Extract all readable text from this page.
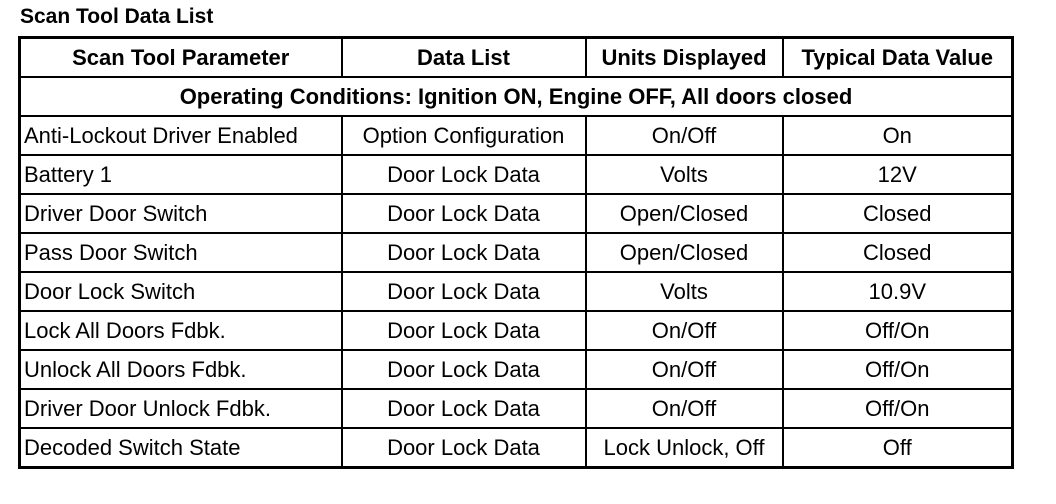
Scan Tool Data List
Scan Tool Parameter	Data List	Units Displayed	Typical Data Value
Operating Conditions: Ignition ON, Engine OFF, All doors closed			
Anti-Lockout Driver Enabled	Option Configuration	On/Off	On
Battery 1	Door Lock Data	Volts	12V
Driver Door Switch	Door Lock Data	Open/Closed	Closed
Pass Door Switch	Door Lock Data	Open/Closed	Closed
Door Lock Switch	Door Lock Data	Volts	10.9V
Lock All Doors Fdbk.	Door Lock Data	On/Off	Off/On
Unlock All Doors Fdbk.	Door Lock Data	On/Off	Off/On
Driver Door Unlock Fdbk.	Door Lock Data	On/Off	Off/On
Decoded Switch State	Door Lock Data	Lock Unlock, Off	Off
